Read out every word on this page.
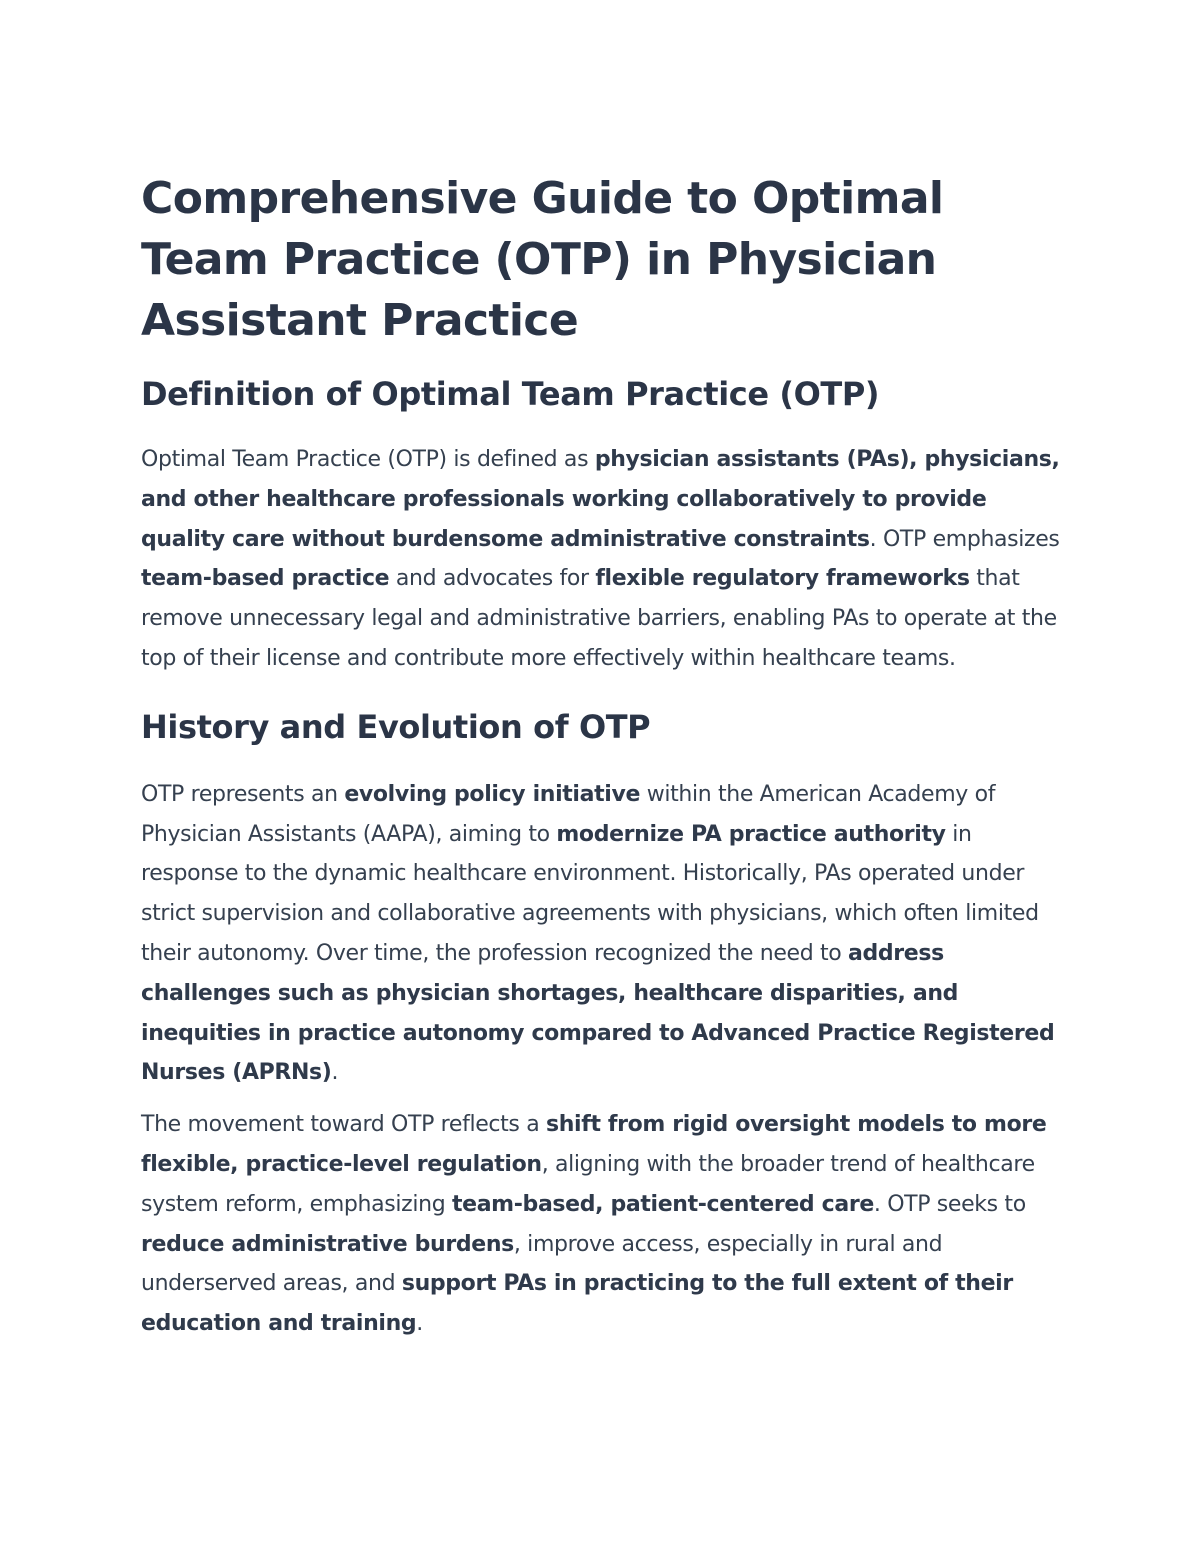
Comprehensive Guide to Optimal Team Practice (OTP) in Physician Assistant Practice
Definition of Optimal Team Practice (OTP)

Optimal Team Practice (OTP) is defined as physician assistants (PAs), physicians, and other healthcare professionals working collaboratively to provide quality care without burdensome administrative constraints. OTP emphasizes team-based practice and advocates for flexible regulatory frameworks that remove unnecessary legal and administrative barriers, enabling PAs to operate at the top of their license and contribute more effectively within healthcare teams.

History and Evolution of OTP

OTP represents an evolving policy initiative within the American Academy of Physician Assistants (AAPA), aiming to modernize PA practice authority in response to the dynamic healthcare environment. Historically, PAs operated under strict supervision and collaborative agreements with physicians, which often limited their autonomy. Over time, the profession recognized the need to address challenges such as physician shortages, healthcare disparities, and inequities in practice autonomy compared to Advanced Practice Registered Nurses (APRNs).

The movement toward OTP reflects a shift from rigid oversight models to more flexible, practice-level regulation, aligning with the broader trend of healthcare system reform, emphasizing team-based, patient-centered care. OTP seeks to reduce administrative burdens, improve access, especially in rural and underserved areas, and support PAs in practicing to the full extent of their education and training.
